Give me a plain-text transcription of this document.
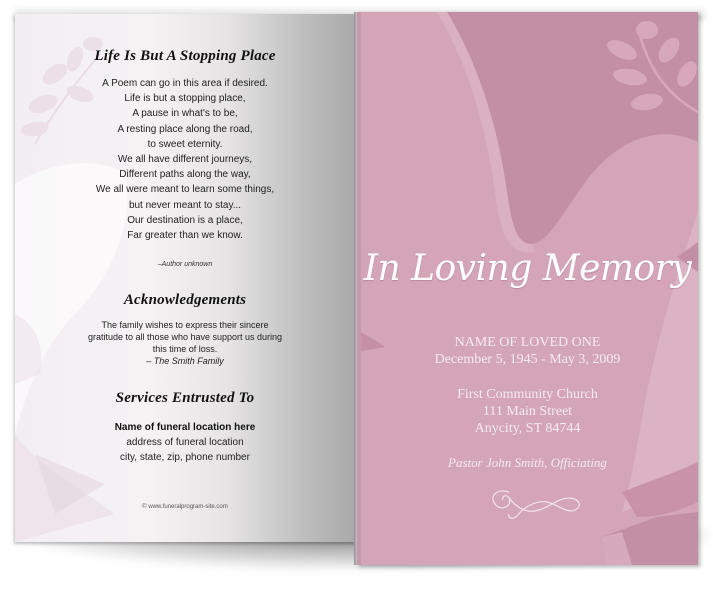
Life Is But A Stopping Place
A Poem can go in this area if desired.
Life is but a stopping place,
A pause in what's to be,
A resting place along the road,
to sweet eternity.
We all have different journeys,
Different paths along the way,
We all were meant to learn some things,
but never meant to stay...
Our destination is a place,
Far greater than we know.
–Author unknown
Acknowledgements
The family wishes to express their sincere
gratitude to all those who have support us during
this time of loss.
– The Smith Family
Services Entrusted To
Name of funeral location here
address of funeral location
city, state, zip, phone number
© www.funeralprogram-site.com
In Loving Memory
NAME OF LOVED ONE
December 5, 1945 - May 3, 2009
First Community Church
111 Main Street
Anycity, ST 84744
Pastor John Smith, Officiating
